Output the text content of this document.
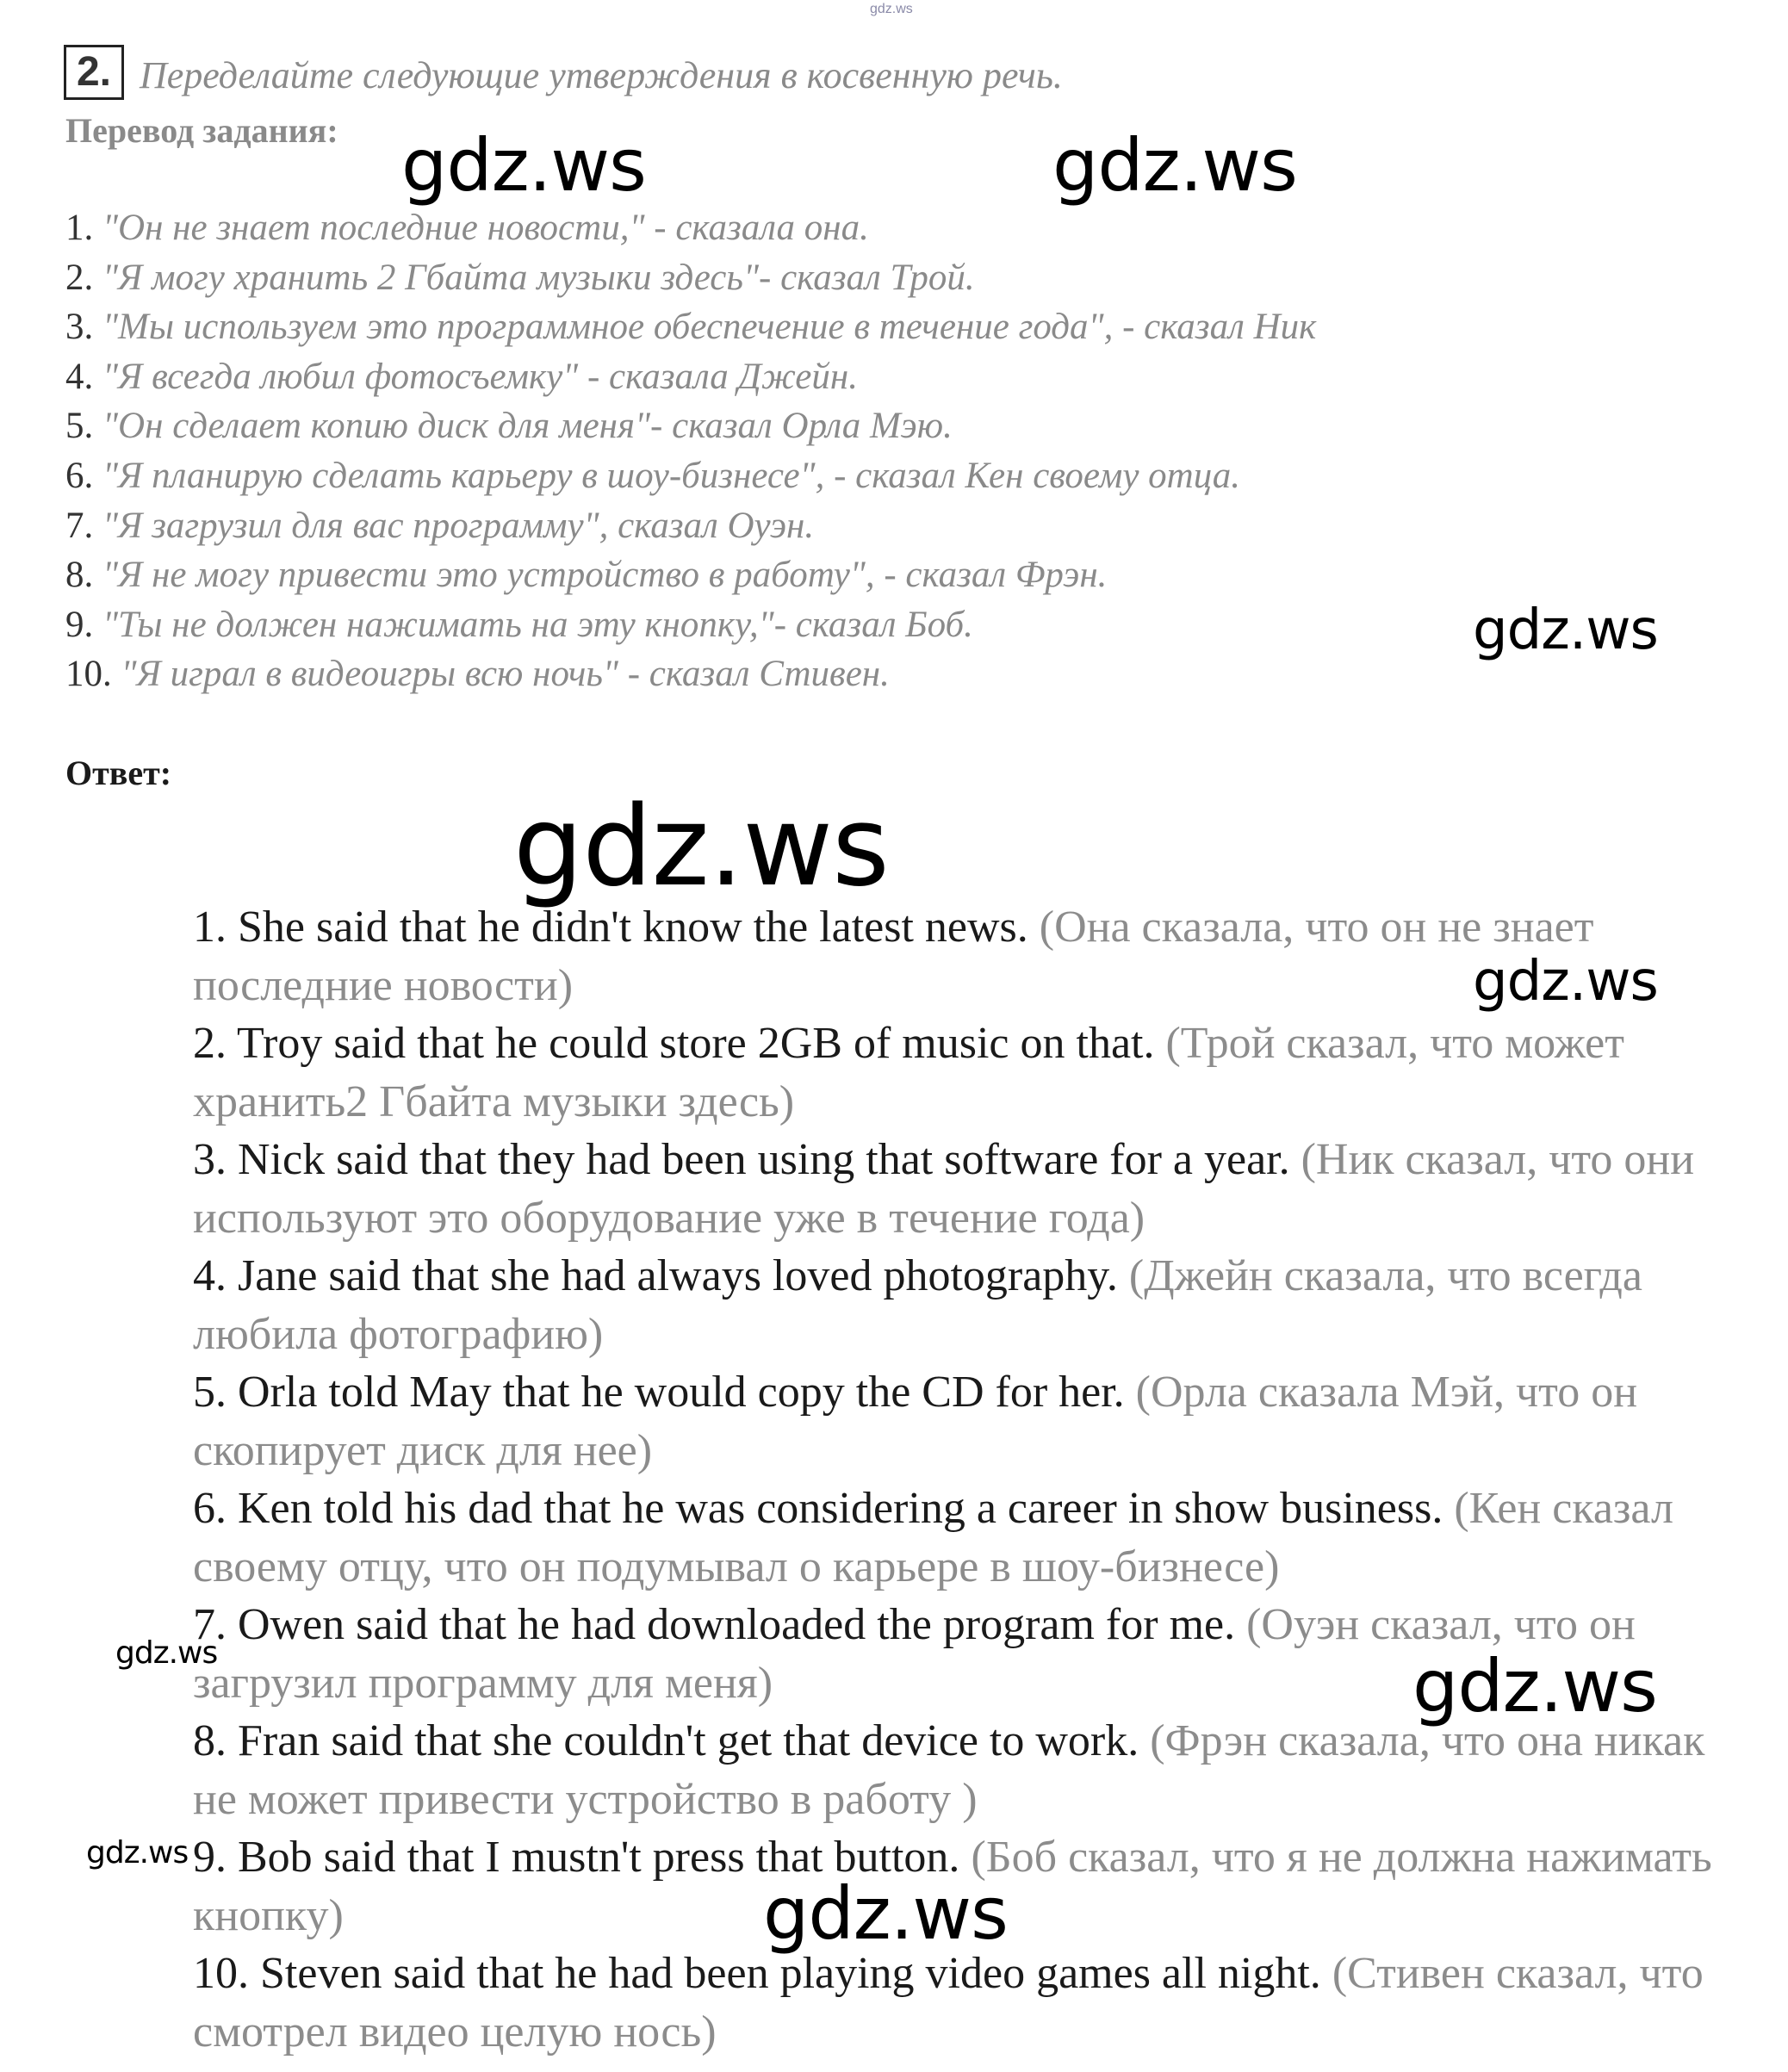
gdz.ws
2. Переделайте следующие утверждения в косвенную речь.
Перевод задания:
1. "Он не знает последние новости," - сказала она.
2. "Я могу хранить 2 Гбайта музыки здесь"- сказал Трой.
3. "Мы используем это программное обеспечение в течение года", - сказал Ник
4. "Я всегда любил фотосъемку" - сказала Джейн.
5. "Он сделает копию диск для меня"- сказал Орла Мэю.
6. "Я планирую сделать карьеру в шоу-бизнесе", - сказал Кен своему отца.
7. "Я загрузил для вас программу", сказал Оуэн.
8. "Я не могу привести это устройство в работу", - сказал Фрэн.
9. "Ты не должен нажимать на эту кнопку,"- сказал Боб.
10. "Я играл в видеоигры всю ночь" - сказал Стивен.
Ответ:
1. She said that he didn't know the latest news. (Она сказала, что он не знает последние новости)
2. Troy said that he could store 2GB of music on that. (Трой сказал, что может хранить2 Гбайта музыки здесь)
3. Nick said that they had been using that software for a year. (Ник сказал, что они используют это оборудование уже в течение года)
4. Jane said that she had always loved photography. (Джейн сказала, что всегда любила фотографию)
5. Orla told May that he would copy the CD for her. (Орла сказала Мэй, что он скопирует диск для нее)
6. Ken told his dad that he was considering a career in show business. (Кен сказал своему отцу, что он подумывал о карьере в шоу-бизнесе)
7. Owen said that he had downloaded the program for me. (Оуэн сказал, что он загрузил программу для меня)
8. Fran said that she couldn't get that device to work. (Фрэн сказала, что она никак не может привести устройство в работу )
9. Bob said that I mustn't press that button. (Боб сказал, что я не должна нажимать кнопку)
10. Steven said that he had been playing video games all night. (Стивен сказал, что смотрел видео целую нось)
gdz.ws	gdz.ws
gdz.ws
gdz.ws
gdz.ws
gdz.ws	gdz.ws
gdz.ws
gdz.ws
